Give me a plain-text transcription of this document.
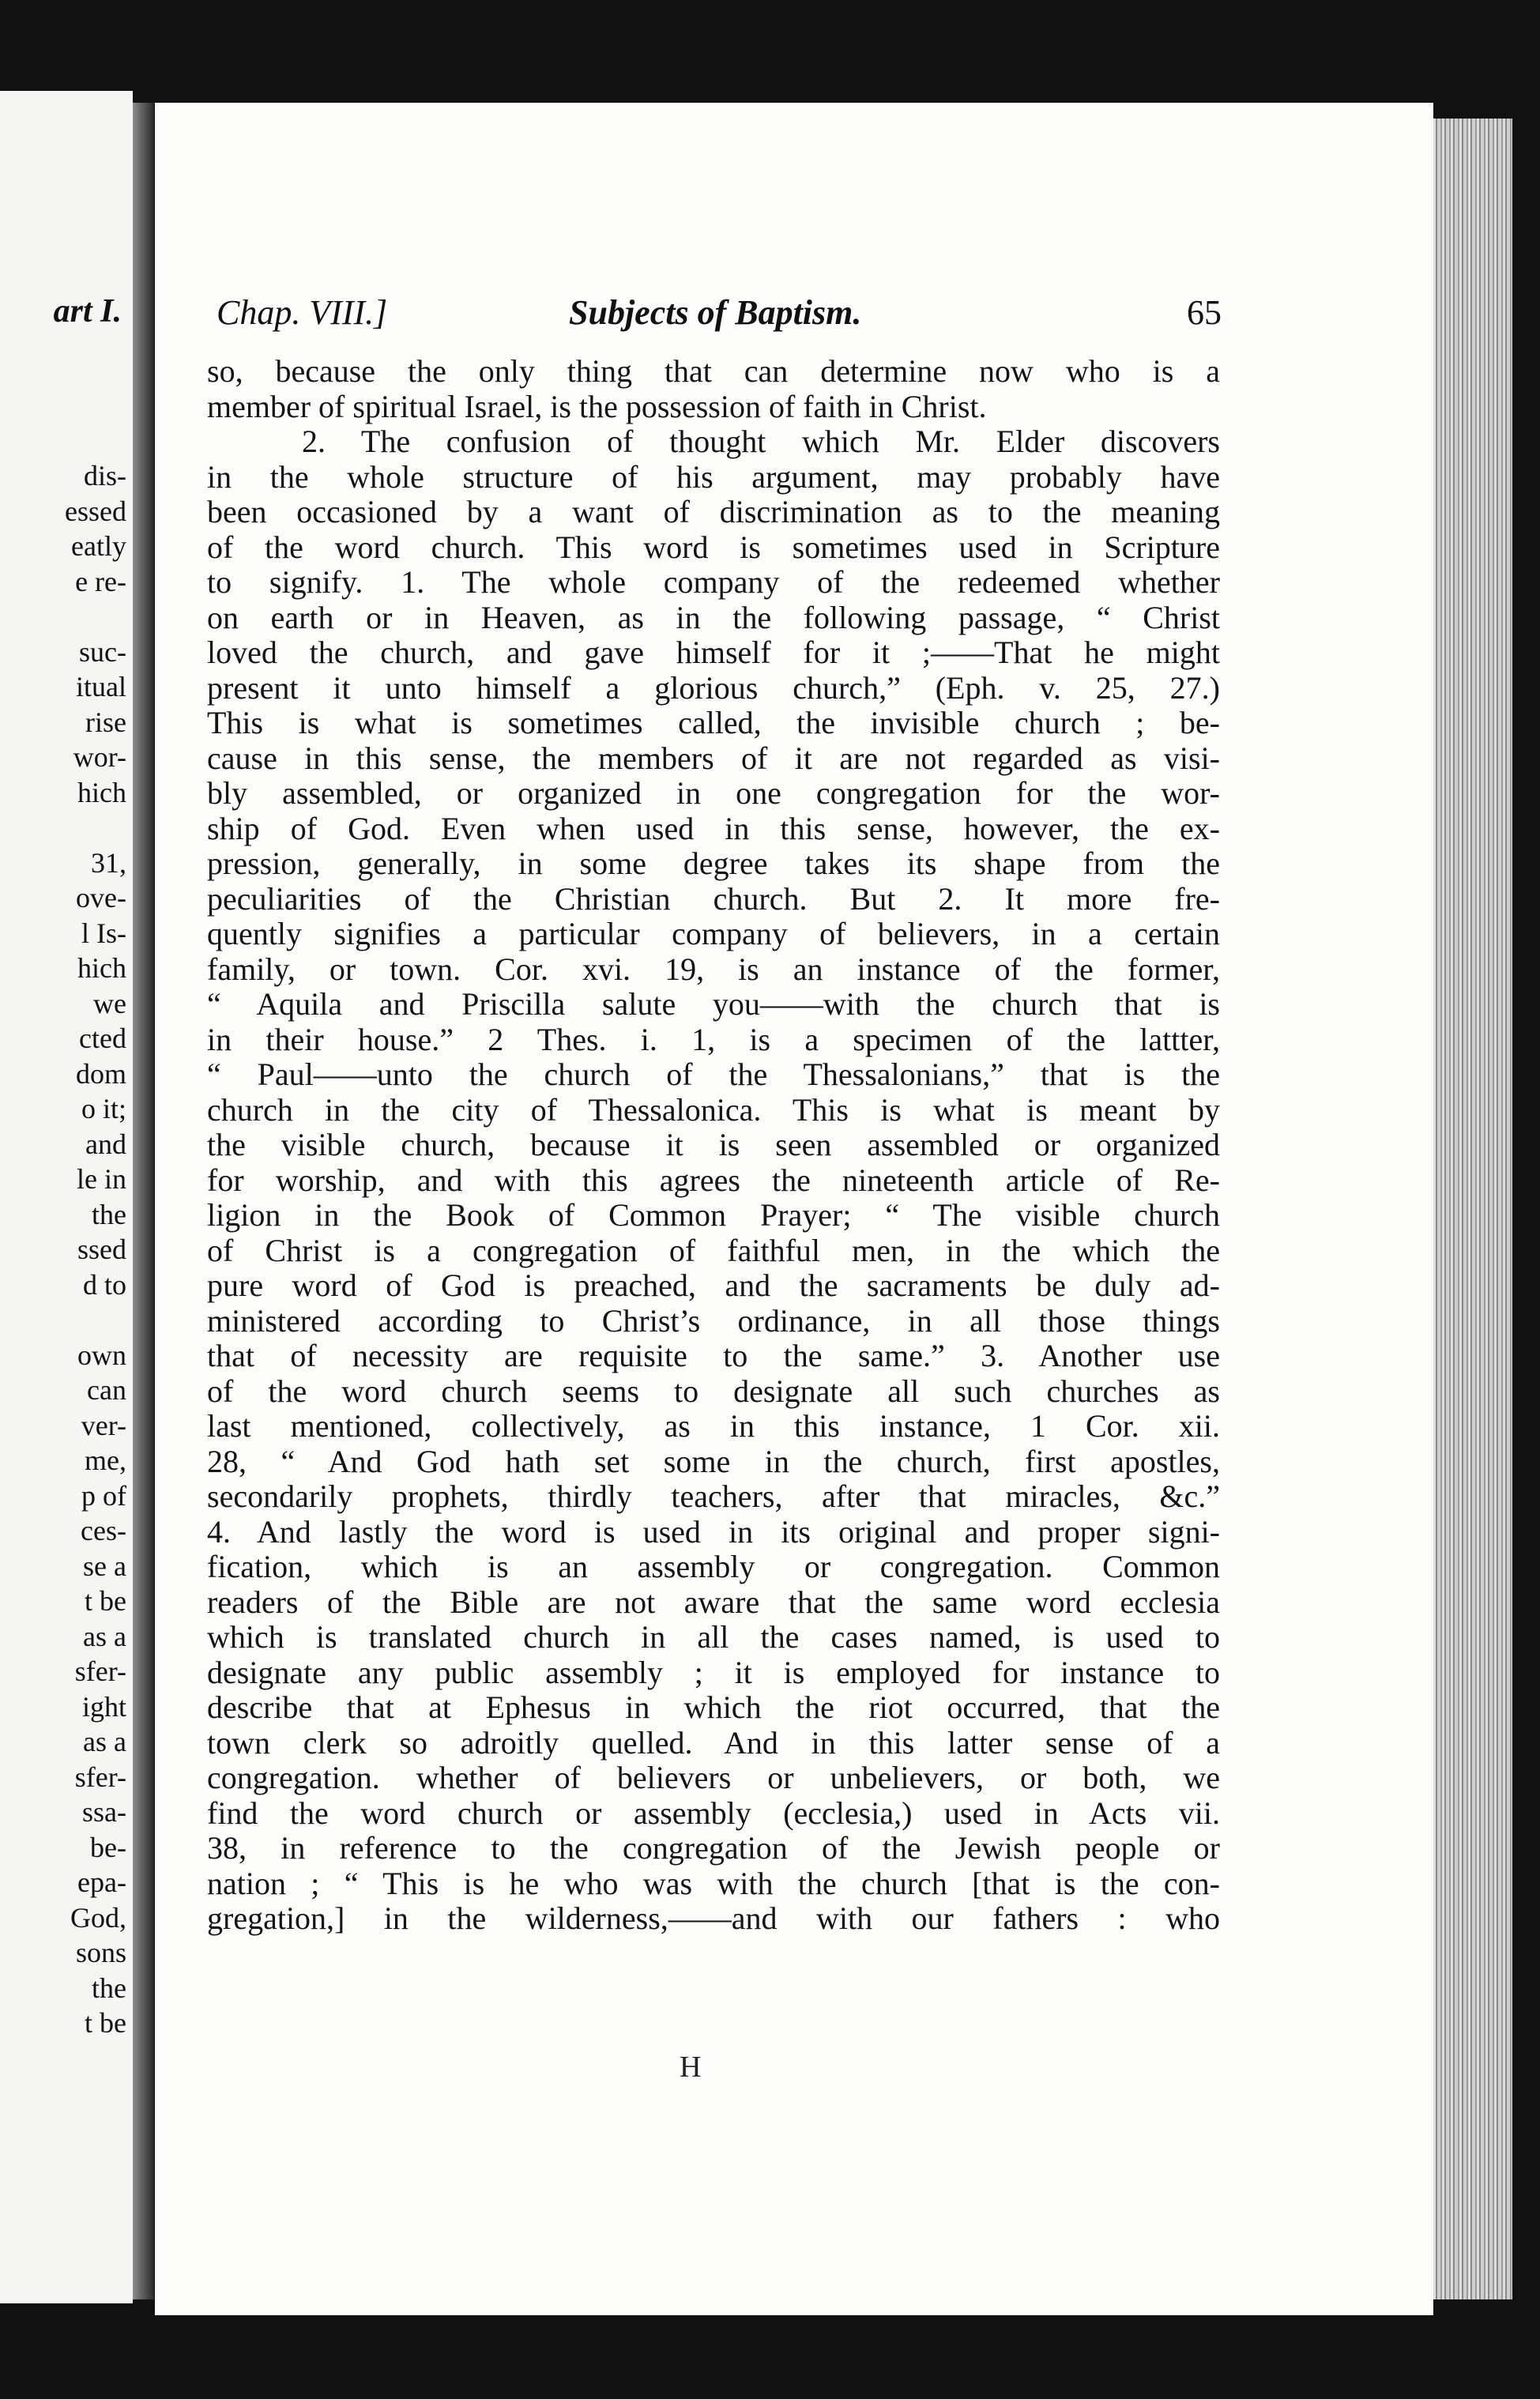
art I.
dis-
essed
eatly
e re-
suc-
itual
rise
wor-
hich
31,
ove-
l Is-
hich
we
cted
dom
o it;
and
le in
the
ssed
d to
own
can
ver-
me,
p of
ces-
se a
t be
as a
sfer-
ight
as a
sfer-
ssa-
be-
epa-
God,
sons
the
t be
Chap. VIII.]	Subjects of Baptism.	65
so, because the only thing that can determine now who is a
member of spiritual Israel, is the possession of faith in Christ.
2. The confusion of thought which Mr. Elder discovers
in the whole structure of his argument, may probably have
been occasioned by a want of discrimination as to the meaning
of the word church. This word is sometimes used in Scripture
to signify. 1. The whole company of the redeemed whether
on earth or in Heaven, as in the following passage, “ Christ
loved the church, and gave himself for it ;——That he might
present it unto himself a glorious church,” (Eph. v. 25, 27.)
This is what is sometimes called, the invisible church ; be-
cause in this sense, the members of it are not regarded as visi-
bly assembled, or organized in one congregation for the wor-
ship of God. Even when used in this sense, however, the ex-
pression, generally, in some degree takes its shape from the
peculiarities of the Christian church. But 2. It more fre-
quently signifies a particular company of believers, in a certain
family, or town. Cor. xvi. 19, is an instance of the former,
“ Aquila and Priscilla salute you——with the church that is
in their house.” 2 Thes. i. 1, is a specimen of the lattter,
“ Paul——unto the church of the Thessalonians,” that is the
church in the city of Thessalonica. This is what is meant by
the visible church, because it is seen assembled or organized
for worship, and with this agrees the nineteenth article of Re-
ligion in the Book of Common Prayer; “ The visible church
of Christ is a congregation of faithful men, in the which the
pure word of God is preached, and the sacraments be duly ad-
ministered according to Christ’s ordinance, in all those things
that of necessity are requisite to the same.” 3. Another use
of the word church seems to designate all such churches as
last mentioned, collectively, as in this instance, 1 Cor. xii.
28, “ And God hath set some in the church, first apostles,
secondarily prophets, thirdly teachers, after that miracles, &c.”
4. And lastly the word is used in its original and proper signi-
fication, which is an assembly or congregation. Common
readers of the Bible are not aware that the same word ecclesia
which is translated church in all the cases named, is used to
designate any public assembly ; it is employed for instance to
describe that at Ephesus in which the riot occurred, that the
town clerk so adroitly quelled. And in this latter sense of a
congregation. whether of believers or unbelievers, or both, we
find the word church or assembly (ecclesia,) used in Acts vii.
38, in reference to the congregation of the Jewish people or
nation ; “ This is he who was with the church [that is the con-
gregation,] in the wilderness,——and with our fathers : who
H
